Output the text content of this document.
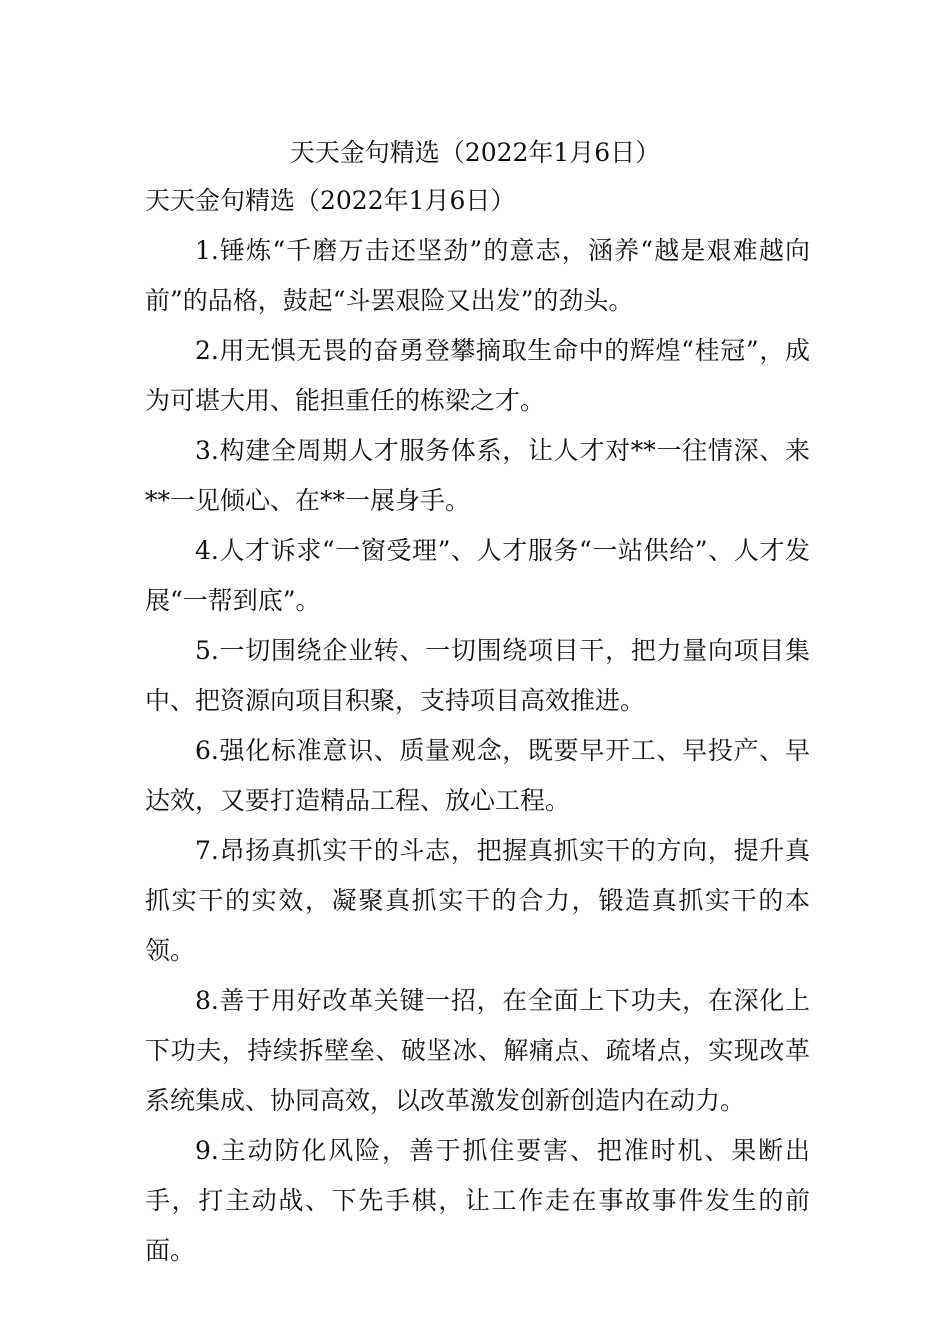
天天金句精选（2022年1月6日）

天天金句精选（2022年1月6日）

1.锤炼“千磨万击还坚劲”的意志，涵养“越是艰难越向前”的品格，鼓起“斗罢艰险又出发”的劲头。

2.用无惧无畏的奋勇登攀摘取生命中的辉煌“桂冠”，成为可堪大用、能担重任的栋梁之才。

3.构建全周期人才服务体系，让人才对**一往情深、来**一见倾心、在**一展身手。

4.人才诉求“一窗受理”、人才服务“一站供给”、人才发展“一帮到底”。

5.一切围绕企业转、一切围绕项目干，把力量向项目集中、把资源向项目积聚，支持项目高效推进。

6.强化标准意识、质量观念，既要早开工、早投产、早达效，又要打造精品工程、放心工程。

7.昂扬真抓实干的斗志，把握真抓实干的方向，提升真抓实干的实效，凝聚真抓实干的合力，锻造真抓实干的本领。

8.善于用好改革关键一招，在全面上下功夫，在深化上下功夫，持续拆壁垒、破坚冰、解痛点、疏堵点，实现改革系统集成、协同高效，以改革激发创新创造内在动力。

9.主动防化风险，善于抓住要害、把准时机、果断出手，打主动战、下先手棋，让工作走在事故事件发生的前面。
